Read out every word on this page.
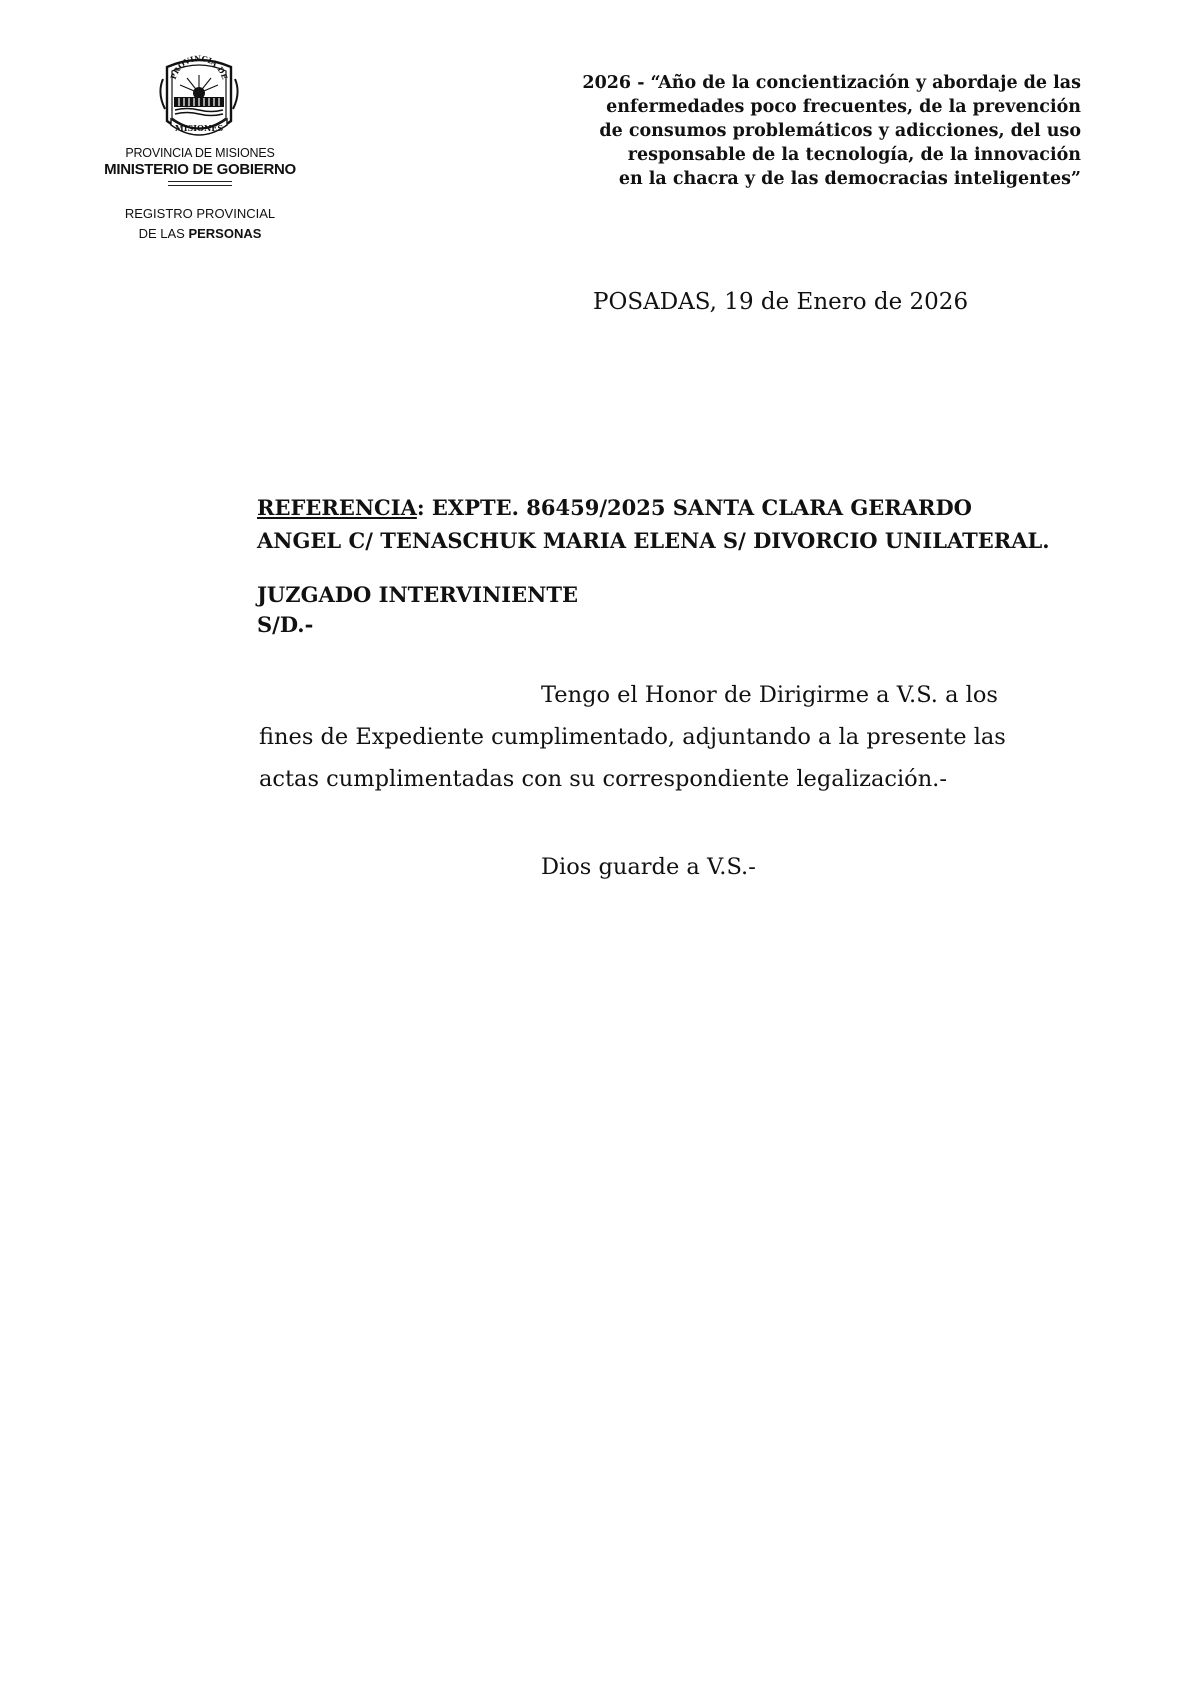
PROVINCIA DE
MISIONES
PROVINCIA DE MISIONES
MINISTERIO DE GOBIERNO
REGISTRO PROVINCIAL
DE LAS PERSONAS
2026 - “Año de la concientización y abordaje de las
enfermedades poco frecuentes, de la prevención
de consumos problemáticos y adicciones, del uso
responsable de la tecnología, de la innovación
en la chacra y de las democracias inteligentes”
POSADAS, 19 de Enero de 2026
REFERENCIA: EXPTE. 86459/2025 SANTA CLARA GERARDO
ANGEL C/ TENASCHUK MARIA ELENA S/ DIVORCIO UNILATERAL.
JUZGADO INTERVINIENTE
S/D.-
Tengo el Honor de Dirigirme a V.S. a los
fines de Expediente cumplimentado, adjuntando a la presente las
actas cumplimentadas con su correspondiente legalización.-
Dios guarde a V.S.-
